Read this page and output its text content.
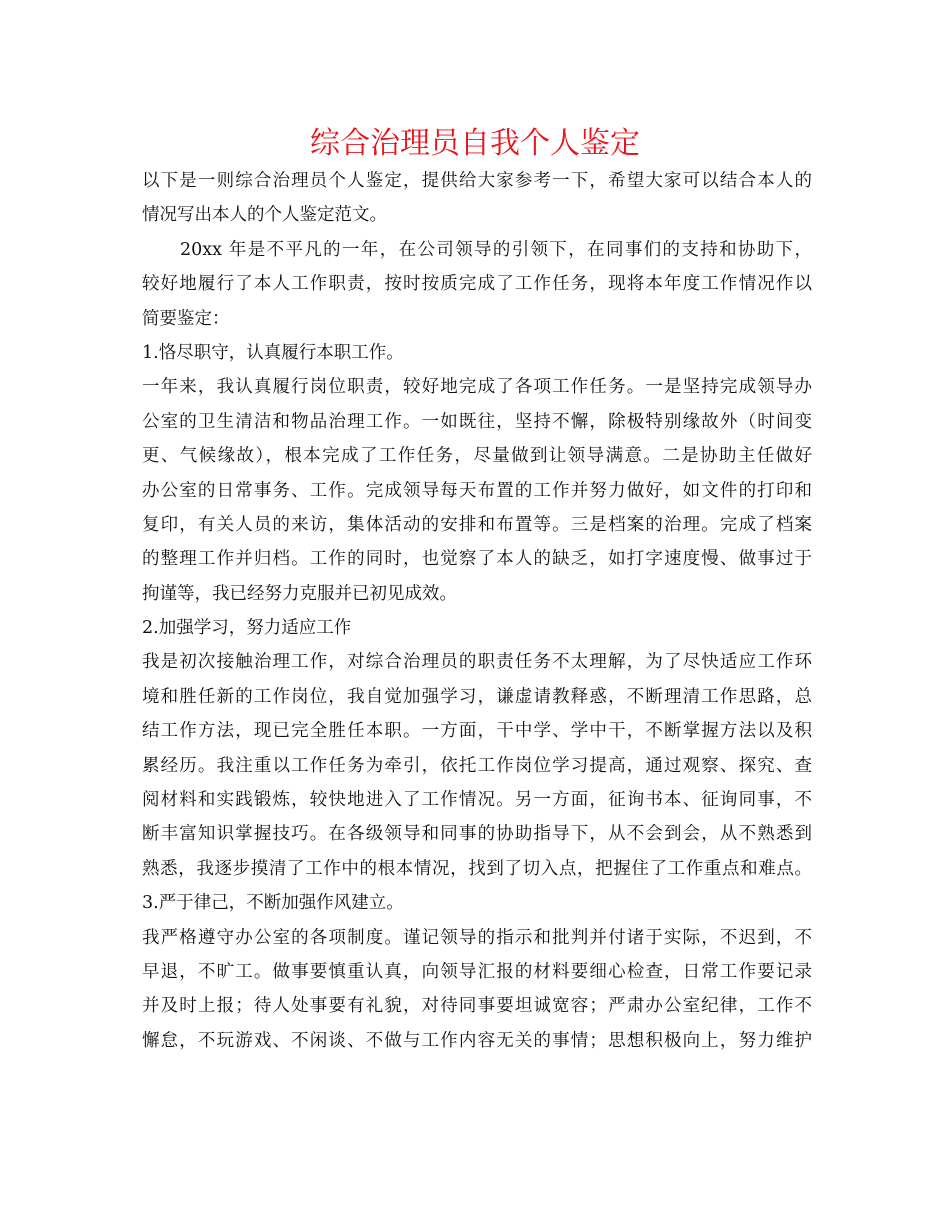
综合治理员自我个人鉴定
以下是一则综合治理员个人鉴定，提供给大家参考一下，希望大家可以结合本人的
情况写出本人的个人鉴定范文。
20xx 年是不平凡的一年，在公司领导的引领下，在同事们的支持和协助下，
较好地履行了本人工作职责，按时按质完成了工作任务，现将本年度工作情况作以
简要鉴定：
1.恪尽职守，认真履行本职工作。
一年来，我认真履行岗位职责，较好地完成了各项工作任务。一是坚持完成领导办
公室的卫生清洁和物品治理工作。一如既往，坚持不懈，除极特别缘故外（时间变
更、气候缘故），根本完成了工作任务，尽量做到让领导满意。二是协助主任做好
办公室的日常事务、工作。完成领导每天布置的工作并努力做好，如文件的打印和
复印，有关人员的来访，集体活动的安排和布置等。三是档案的治理。完成了档案
的整理工作并归档。工作的同时，也觉察了本人的缺乏，如打字速度慢、做事过于
拘谨等，我已经努力克服并已初见成效。
2.加强学习，努力适应工作
我是初次接触治理工作，对综合治理员的职责任务不太理解，为了尽快适应工作环
境和胜任新的工作岗位，我自觉加强学习，谦虚请教释惑，不断理清工作思路，总
结工作方法，现已完全胜任本职。一方面，干中学、学中干，不断掌握方法以及积
累经历。我注重以工作任务为牵引，依托工作岗位学习提高，通过观察、探究、查
阅材料和实践锻炼，较快地进入了工作情况。另一方面，征询书本、征询同事，不
断丰富知识掌握技巧。在各级领导和同事的协助指导下，从不会到会，从不熟悉到
熟悉，我逐步摸清了工作中的根本情况，找到了切入点，把握住了工作重点和难点。
3.严于律己，不断加强作风建立。
我严格遵守办公室的各项制度。谨记领导的指示和批判并付诸于实际，不迟到，不
早退，不旷工。做事要慎重认真，向领导汇报的材料要细心检查，日常工作要记录
并及时上报；待人处事要有礼貌，对待同事要坦诚宽容；严肃办公室纪律，工作不
懈怠，不玩游戏、不闲谈、不做与工作内容无关的事情；思想积极向上，努力维护
